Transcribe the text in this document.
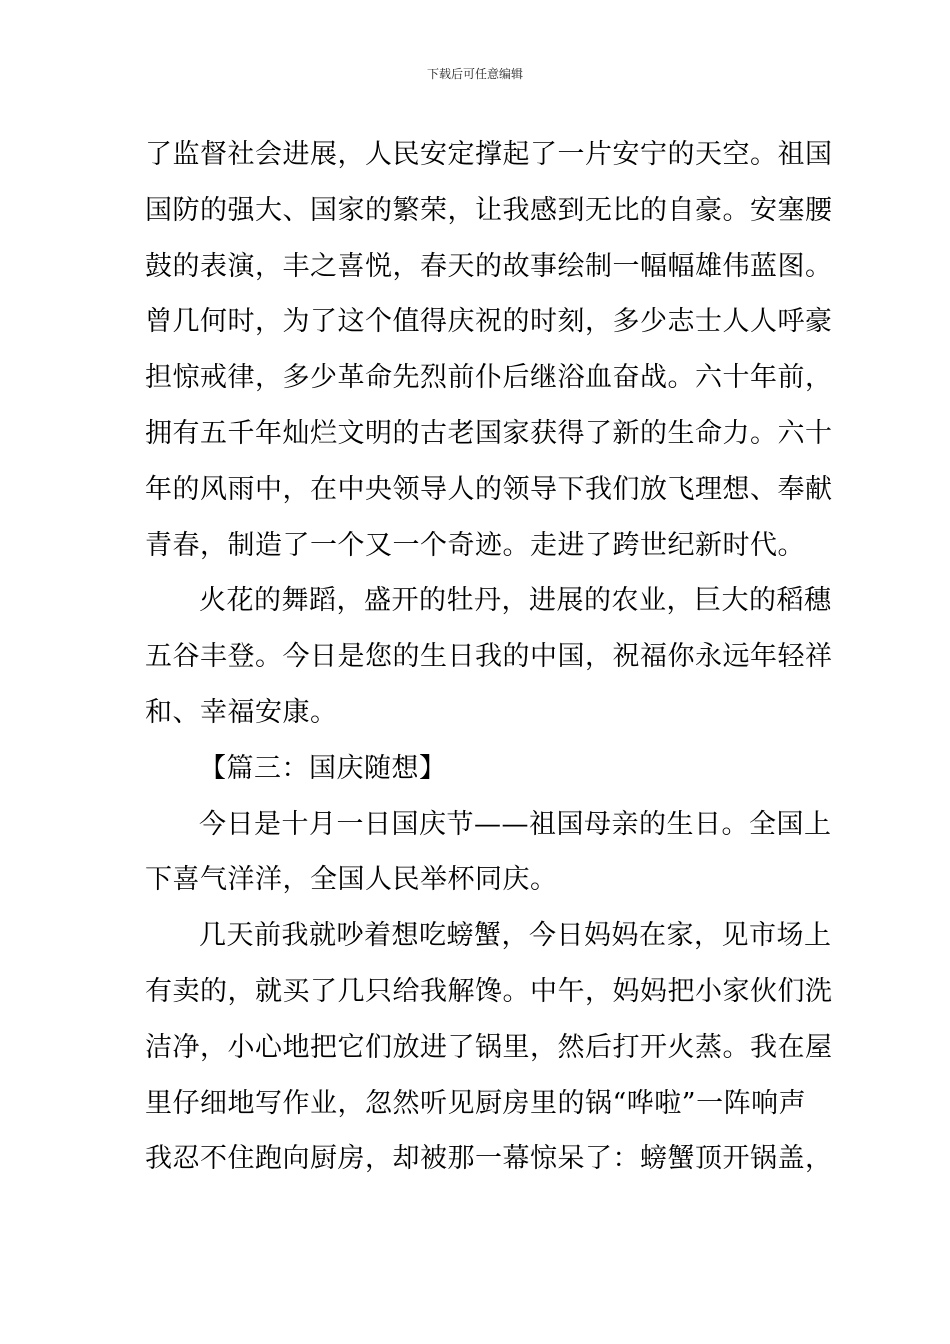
下载后可任意编辑

了监督社会进展，人民安定撑起了一片安宁的天空。祖国
国防的强大、国家的繁荣，让我感到无比的自豪。安塞腰
鼓的表演，丰之喜悦，春天的故事绘制一幅幅雄伟蓝图。
曾几何时，为了这个值得庆祝的时刻，多少志士人人呼豪
担惊戒律，多少革命先烈前仆后继浴血奋战。六十年前，
拥有五千年灿烂文明的古老国家获得了新的生命力。六十
年的风雨中，在中央领导人的领导下我们放飞理想、奉献
青春，制造了一个又一个奇迹。走进了跨世纪新时代。

火花的舞蹈，盛开的牡丹，进展的农业，巨大的稻穗
五谷丰登。今日是您的生日我的中国，祝福你永远年轻祥
和、幸福安康。

【篇三：国庆随想】

今日是十月一日国庆节——祖国母亲的生日。全国上
下喜气洋洋，全国人民举杯同庆。

几天前我就吵着想吃螃蟹，今日妈妈在家，见市场上
有卖的，就买了几只给我解馋。中午，妈妈把小家伙们洗
洁净，小心地把它们放进了锅里，然后打开火蒸。我在屋
里仔细地写作业，忽然听见厨房里的锅“哗啦”一阵响声
我忍不住跑向厨房，却被那一幕惊呆了：螃蟹顶开锅盖，
